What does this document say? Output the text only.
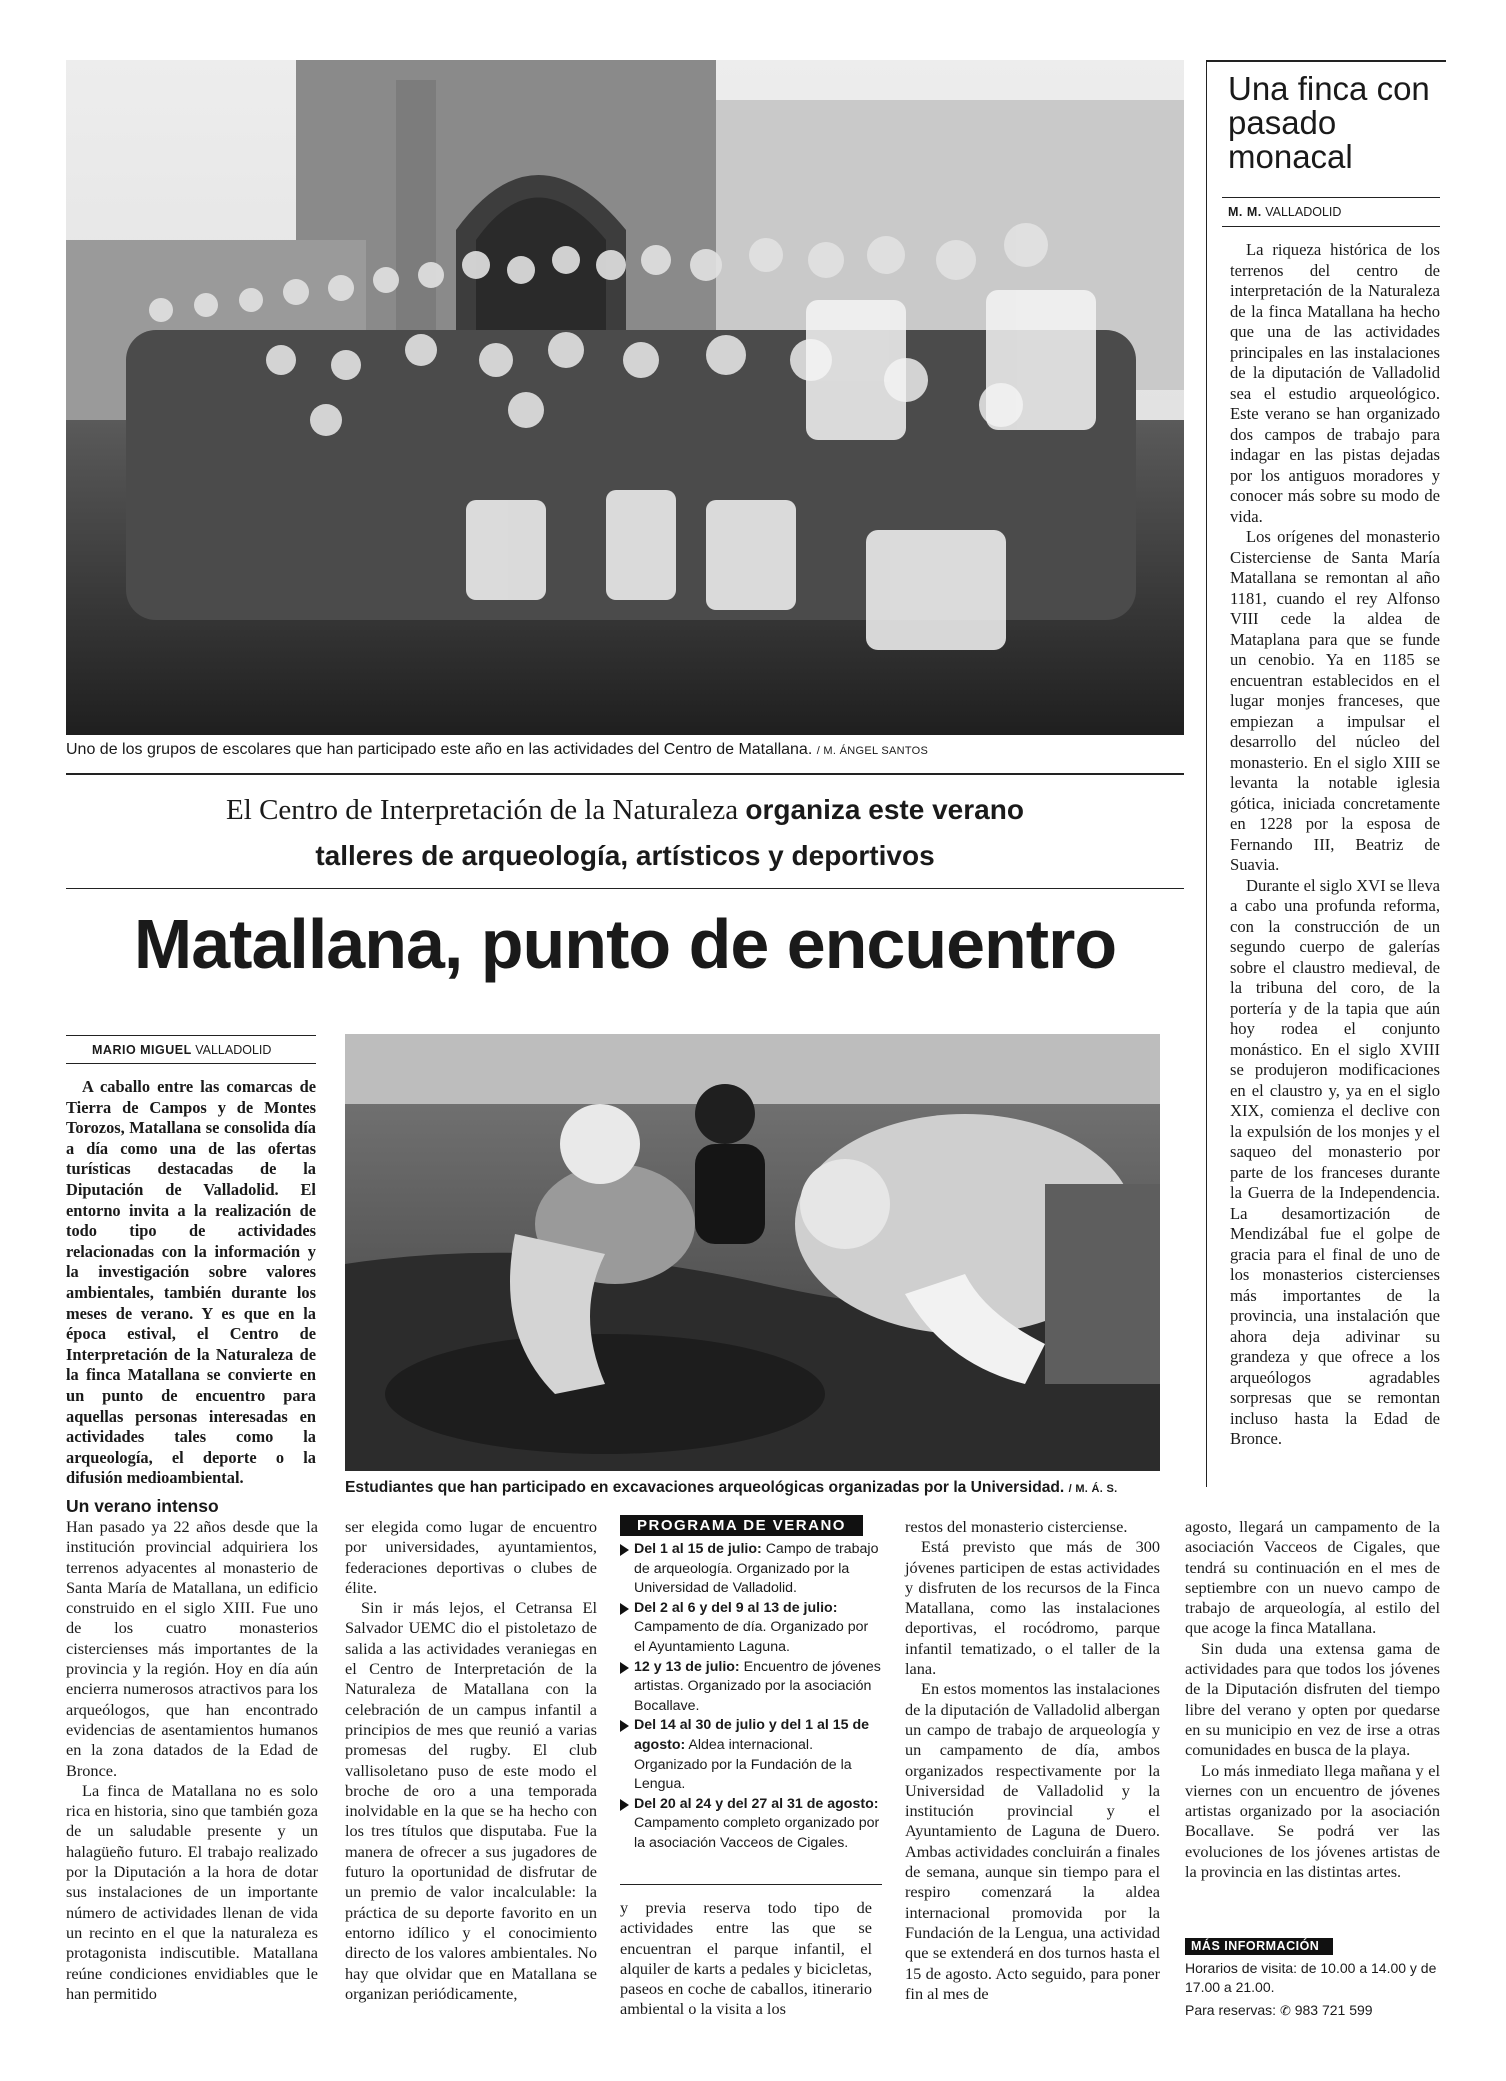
Uno de los grupos de escolares que han participado este año en las actividades del Centro de Matallana. / M. ÁNGEL SANTOS
Una finca con pasado monacal
M. M. VALLADOLID

La riqueza histórica de los terrenos del centro de interpretación de la Naturaleza de la finca Matallana ha hecho que una de las actividades principales en las instalaciones de la diputación de Valladolid sea el estudio arqueológico. Este verano se han organizado dos campos de trabajo para indagar en las pistas dejadas por los antiguos moradores y conocer más sobre su modo de vida.

Los orígenes del monasterio Cisterciense de Santa María Matallana se remontan al año 1181, cuando el rey Alfonso VIII cede la aldea de Mataplana para que se funde un cenobio. Ya en 1185 se encuentran establecidos en el lugar monjes franceses, que empiezan a impulsar el desarrollo del núcleo del monasterio. En el siglo XIII se levanta la notable iglesia gótica, iniciada concretamente en 1228 por la esposa de Fernando III, Beatriz de Suavia.

Durante el siglo XVI se lleva a cabo una profunda reforma, con la construcción de un segundo cuerpo de galerías sobre el claustro medieval, de la tribuna del coro, de la portería y de la tapia que aún hoy rodea el conjunto monástico. En el siglo XVIII se produjeron modificaciones en el claustro y, ya en el siglo XIX, comienza el declive con la expulsión de los monjes y el saqueo del monasterio por parte de los franceses durante la Guerra de la Independencia. La desamortización de Mendizábal fue el golpe de gracia para el final de uno de los monasterios cistercienses más importantes de la provincia, una instalación que ahora deja adivinar su grandeza y que ofrece a los arqueólogos agradables sorpresas que se remontan incluso hasta la Edad de Bronce.

El Centro de Interpretación de la Naturaleza organiza este verano
talleres de arqueología, artísticos y deportivos
Matallana, punto de encuentro
MARIO MIGUEL VALLADOLID

A caballo entre las comarcas de Tierra de Campos y de Montes Torozos, Matallana se consolida día a día como una de las ofertas turísticas destacadas de la Diputación de Valladolid. El entorno invita a la realización de todo tipo de actividades relacionadas con la información y la investigación sobre valores ambientales, también durante los meses de verano. Y es que en la época estival, el Centro de Interpretación de la Naturaleza de la finca Matallana se convierte en un punto de encuentro para aquellas personas interesadas en actividades tales como la arqueología, el deporte o la difusión medioambiental.

Estudiantes que han participado en excavaciones arqueológicas organizadas por la Universidad. / M. Á. S.
Un verano intenso

Han pasado ya 22 años desde que la institución provincial adquiriera los terrenos adyacentes al monasterio de Santa María de Matallana, un edificio construido en el siglo XIII. Fue uno de los cuatro monasterios cistercienses más importantes de la provincia y la región. Hoy en día aún encierra numerosos atractivos para los arqueólogos, que han encontrado evidencias de asentamientos humanos en la zona datados de la Edad de Bronce.

La finca de Matallana no es solo rica en historia, sino que también goza de un saludable presente y un halagüeño futuro. El trabajo realizado por la Diputación a la hora de dotar sus instalaciones de un importante número de actividades llenan de vida un recinto en el que la naturaleza es protagonista indiscutible. Matallana reúne condiciones envidiables que le han permitido

ser elegida como lugar de encuentro por universidades, ayuntamientos, federaciones deportivas o clubes de élite.

Sin ir más lejos, el Cetransa El Salvador UEMC dio el pistoletazo de salida a las actividades veraniegas en el Centro de Interpretación de la Naturaleza de Matallana con la celebración de un campus infantil a principios de mes que reunió a varias promesas del rugby. El club vallisoletano puso de este modo el broche de oro a una temporada inolvidable en la que se ha hecho con los tres títulos que disputaba. Fue la manera de ofrecer a sus jugadores de futuro la oportunidad de disfrutar de un premio de valor incalculable: la práctica de su deporte favorito en un entorno idílico y el conocimiento directo de los valores ambientales. No hay que olvidar que en Matallana se organizan periódicamente,

PROGRAMA DE VERANO
Del 1 al 15 de julio: Campo de trabajo de arqueología. Organizado por la Universidad de Valladolid.
Del 2 al 6 y del 9 al 13 de julio: Campamento de día. Organizado por el Ayuntamiento Laguna.
12 y 13 de julio: Encuentro de jóvenes artistas. Organizado por la asociación Bocallave.
Del 14 al 30 de julio y del 1 al 15 de agosto: Aldea internacional. Organizado por la Fundación de la Lengua.
Del 20 al 24 y del 27 al 31 de agosto: Campamento completo organizado por la asociación Vacceos de Cigales.

y previa reserva todo tipo de actividades entre las que se encuentran el parque infantil, el alquiler de karts a pedales y bicicletas, paseos en coche de caballos, itinerario ambiental o la visita a los

restos del monasterio cisterciense.

Está previsto que más de 300 jóvenes participen de estas actividades y disfruten de los recursos de la Finca Matallana, como las instalaciones deportivas, el rocódromo, parque infantil tematizado, o el taller de la lana.

En estos momentos las instalaciones de la diputación de Valladolid albergan un campo de trabajo de arqueología y un campamento de día, ambos organizados respectivamente por la Universidad de Valladolid y la institución provincial y el Ayuntamiento de Laguna de Duero. Ambas actividades concluirán a finales de semana, aunque sin tiempo para el respiro comenzará la aldea internacional promovida por la Fundación de la Lengua, una actividad que se extenderá en dos turnos hasta el 15 de agosto. Acto seguido, para poner fin al mes de

agosto, llegará un campamento de la asociación Vacceos de Cigales, que tendrá su continuación en el mes de septiembre con un nuevo campo de trabajo de arqueología, al estilo del que acoge la finca Matallana.

Sin duda una extensa gama de actividades para que todos los jóvenes de la Diputación disfruten del tiempo libre del verano y opten por quedarse en su municipio en vez de irse a otras comunidades en busca de la playa.

Lo más inmediato llega mañana y el viernes con un encuentro de jóvenes artistas organizado por la asociación Bocallave. Se podrá ver las evoluciones de los jóvenes artistas de la provincia en las distintas artes.

MÁS INFORMACIÓN
Horarios de visita: de 10.00 a 14.00 y de 17.00 a 21.00.
Para reservas: ✆ 983 721 599
